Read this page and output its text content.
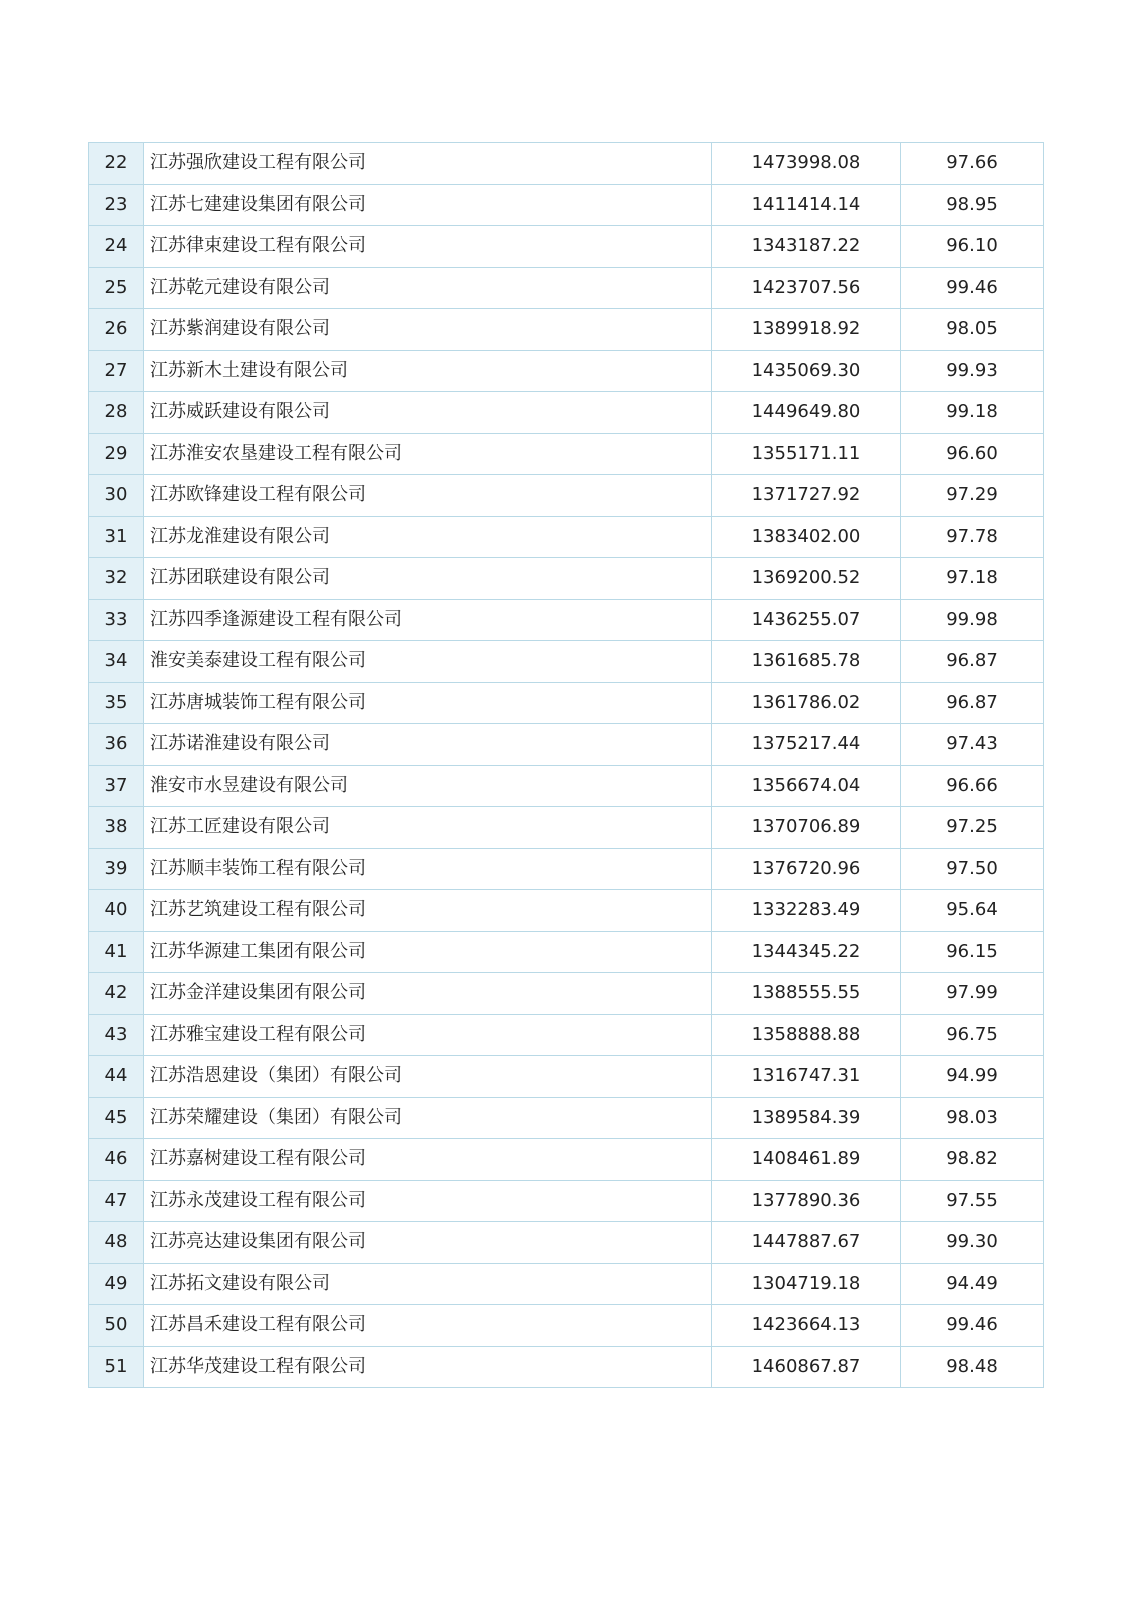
22	江苏强欣建设工程有限公司	1473998.08	97.66
23	江苏七建建设集团有限公司	1411414.14	98.95
24	江苏律束建设工程有限公司	1343187.22	96.10
25	江苏乾元建设有限公司	1423707.56	99.46
26	江苏紫润建设有限公司	1389918.92	98.05
27	江苏新木土建设有限公司	1435069.30	99.93
28	江苏威跃建设有限公司	1449649.80	99.18
29	江苏淮安农垦建设工程有限公司	1355171.11	96.60
30	江苏欧锋建设工程有限公司	1371727.92	97.29
31	江苏龙淮建设有限公司	1383402.00	97.78
32	江苏团联建设有限公司	1369200.52	97.18
33	江苏四季逢源建设工程有限公司	1436255.07	99.98
34	淮安美泰建设工程有限公司	1361685.78	96.87
35	江苏唐城装饰工程有限公司	1361786.02	96.87
36	江苏诺淮建设有限公司	1375217.44	97.43
37	淮安市水昱建设有限公司	1356674.04	96.66
38	江苏工匠建设有限公司	1370706.89	97.25
39	江苏顺丰装饰工程有限公司	1376720.96	97.50
40	江苏艺筑建设工程有限公司	1332283.49	95.64
41	江苏华源建工集团有限公司	1344345.22	96.15
42	江苏金洋建设集团有限公司	1388555.55	97.99
43	江苏雅宝建设工程有限公司	1358888.88	96.75
44	江苏浩恩建设（集团）有限公司	1316747.31	94.99
45	江苏荣耀建设（集团）有限公司	1389584.39	98.03
46	江苏嘉树建设工程有限公司	1408461.89	98.82
47	江苏永茂建设工程有限公司	1377890.36	97.55
48	江苏亮达建设集团有限公司	1447887.67	99.30
49	江苏拓文建设有限公司	1304719.18	94.49
50	江苏昌禾建设工程有限公司	1423664.13	99.46
51	江苏华茂建设工程有限公司	1460867.87	98.48
